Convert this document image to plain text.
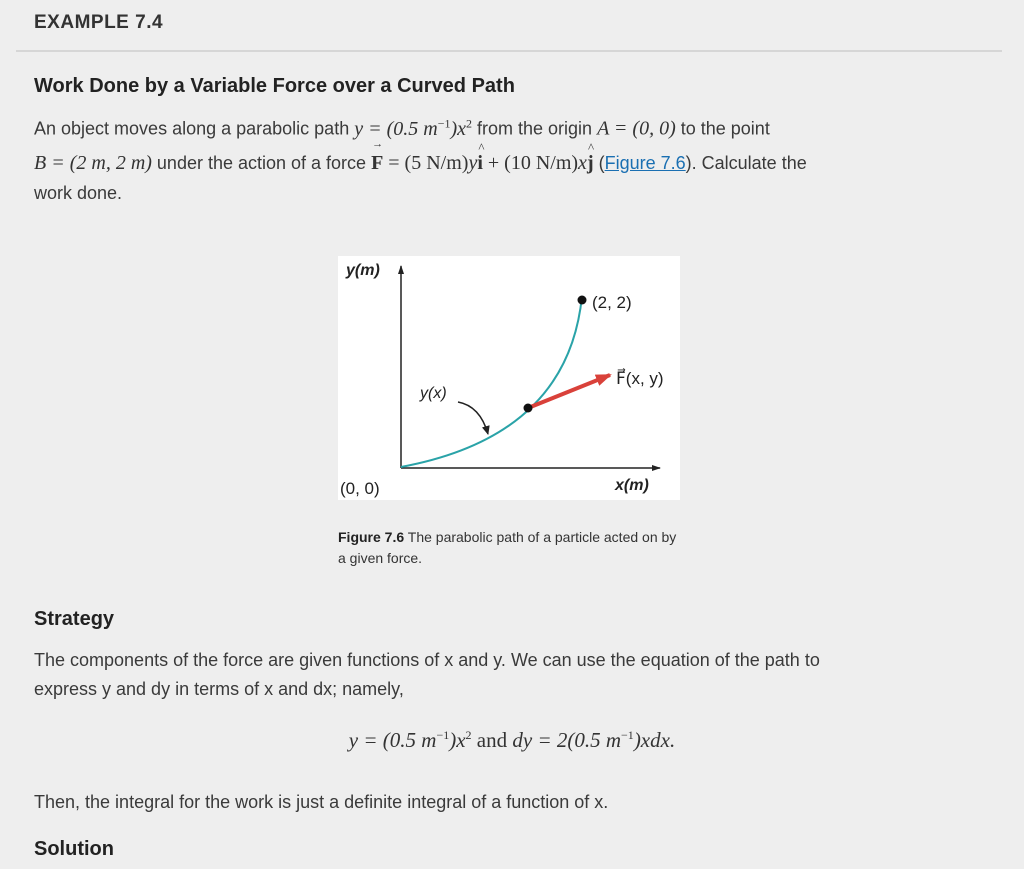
EXAMPLE 7.4
Work Done by a Variable Force over a Curved Path
An object moves along a parabolic path y = (0.5 $m^{-1})x^2$ from the origin A = (0, 0) to the point
B = (2 m, 2 m) under the action of a force → F = (5 N/m)y^ i + (10 N/m)x^ j (Figure 7.6). Calculate the
work done.
y(m)
x(m)
(0, 0)
(2, 2)
y(x)
F⃗(x, y)
Figure 7.6 The parabolic path of a particle acted on by a given force.
Strategy
The components of the force are given functions of x and y. We can use the equation of the path to
express y and dy in terms of x and dx; namely,
y = (0.5 $m^{-1})x^2$ and dy = 2(0.5 $m^{-1})xdx$.
Then, the integral for the work is just a definite integral of a function of x.
Solution
